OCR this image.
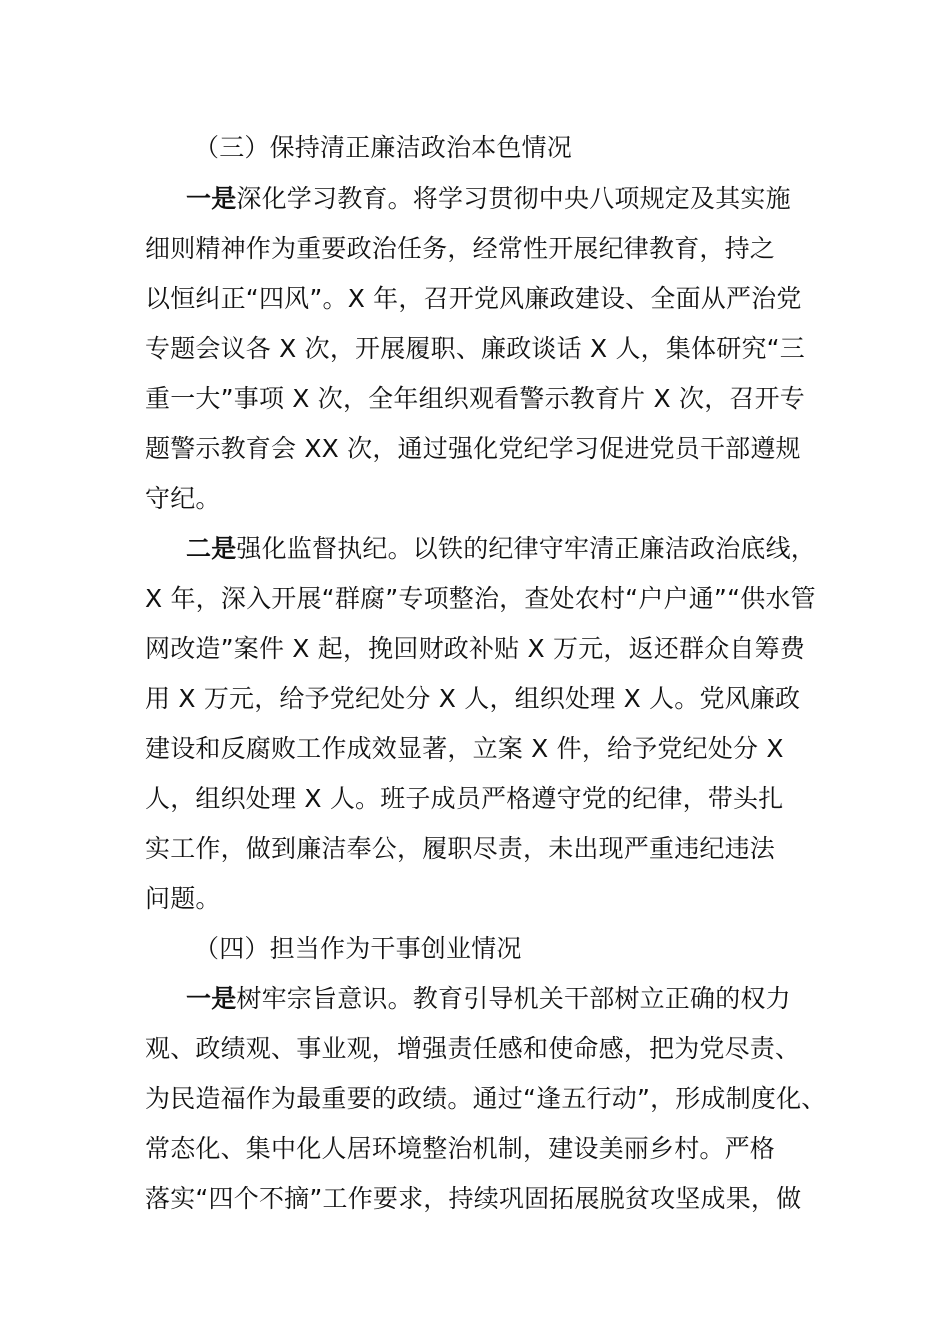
（三）保持清正廉洁政治本色情况
一是深化学习教育。将学习贯彻中央八项规定及其实施
细则精神作为重要政治任务，经常性开展纪律教育，持之
以恒纠正“四风”。X 年，召开党风廉政建设、全面从严治党
专题会议各 X 次，开展履职、廉政谈话 X 人，集体研究“三
重一大”事项 X 次，全年组织观看警示教育片 X 次，召开专
题警示教育会 XX 次，通过强化党纪学习促进党员干部遵规
守纪。
二是强化监督执纪。以铁的纪律守牢清正廉洁政治底线，
X 年，深入开展“群腐”专项整治，查处农村“户户通”“供水管
网改造”案件 X 起，挽回财政补贴 X 万元，返还群众自筹费
用 X 万元，给予党纪处分 X 人，组织处理 X 人。党风廉政
建设和反腐败工作成效显著，立案 X 件，给予党纪处分 X
人，组织处理 X 人。班子成员严格遵守党的纪律，带头扎
实工作，做到廉洁奉公，履职尽责，未出现严重违纪违法
问题。
（四）担当作为干事创业情况
一是树牢宗旨意识。教育引导机关干部树立正确的权力
观、政绩观、事业观，增强责任感和使命感，把为党尽责、
为民造福作为最重要的政绩。通过“逢五行动”，形成制度化、
常态化、集中化人居环境整治机制，建设美丽乡村。严格
落实“四个不摘”工作要求，持续巩固拓展脱贫攻坚成果，做
